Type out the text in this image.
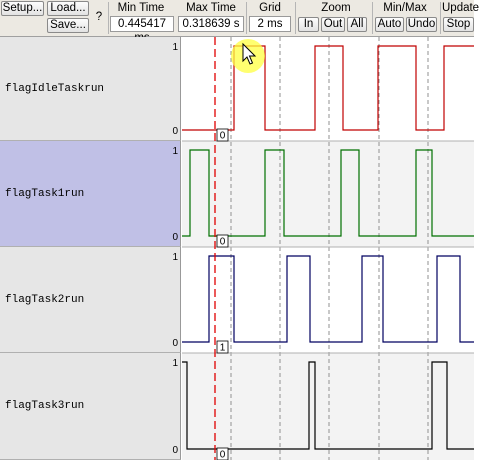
Setup... Load...
Save...
?
Min Time
0.445417
Max Time
0.318639 s
Grid
2 ms
Zoom
In Out All
Min/Max
Auto Undo
Update
Stop
flagIdleTaskrun
flagTask1run
flagTask2run
flagTask3run
1
0
1
0
1
0
1
0
0
0
1
0
